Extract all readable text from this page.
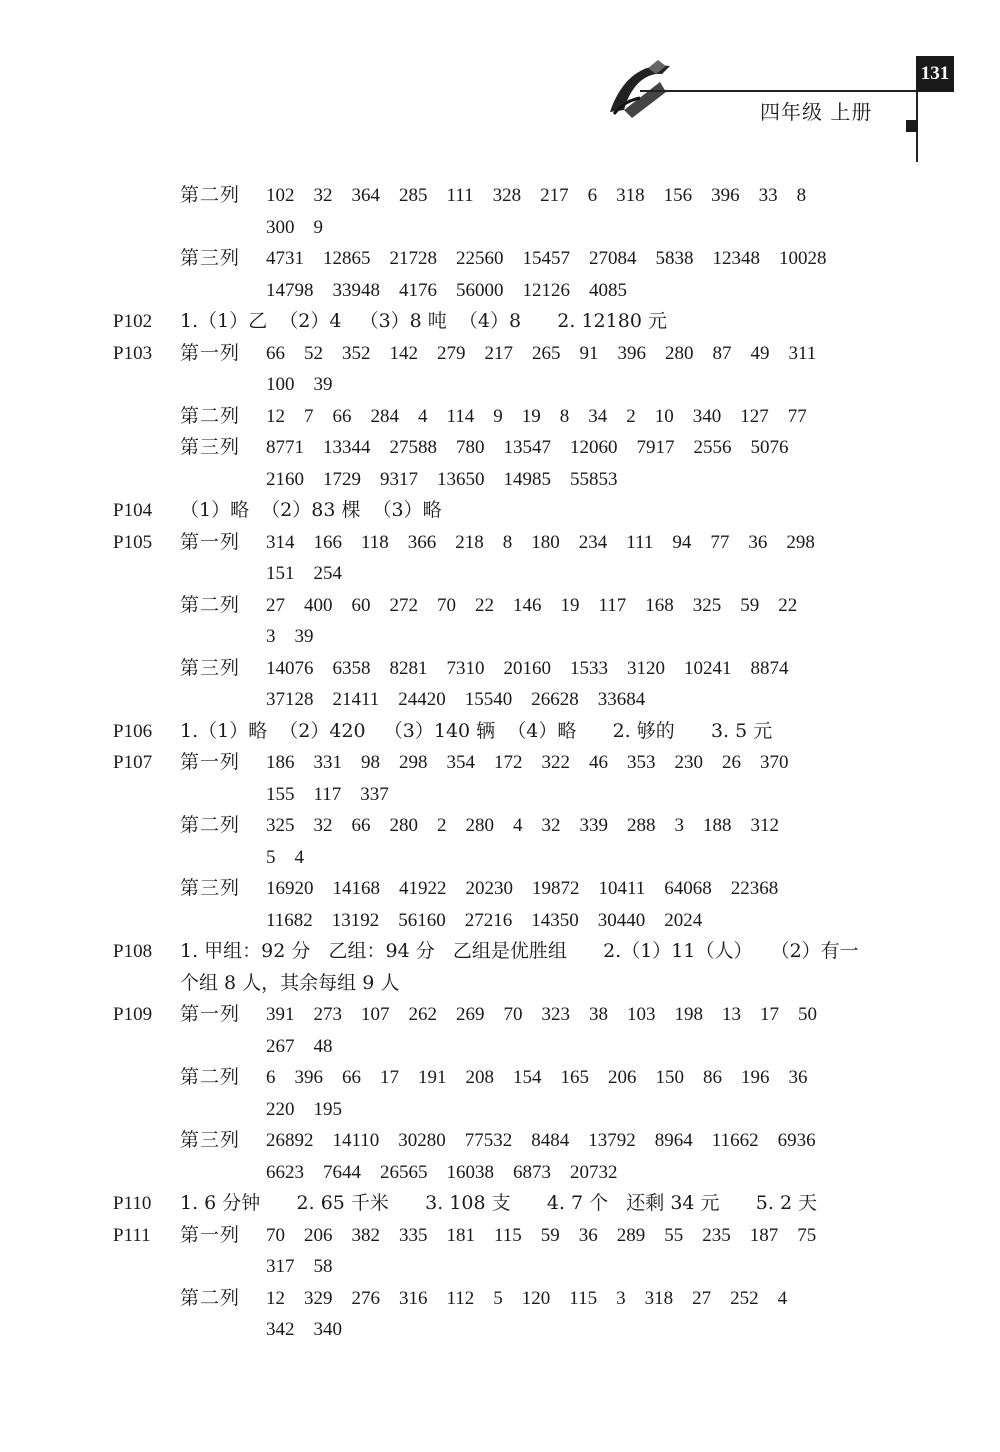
131
四年级 上册
第二列	102    32    364    285    111    328    217    6    318    156    396    33    8
300    9
第三列	4731    12865    21728    22560    15457    27084    5838    12348    10028
14798    33948    4176    56000    12126    4085
P102 1.（1）乙  （2）4   （3）8 吨  （4）8      2. 12180 元
P103 第一列	66    52    352    142    279    217    265    91    396    280    87    49    311
100    39
第二列	12    7    66    284    4    114    9    19    8    34    2    10    340    127    77
第三列	8771    13344    27588    780    13547    12060    7917    2556    5076
2160    1729    9317    13650    14985    55853
P104 （1）略  （2）83 棵  （3）略
P105 第一列	314    166    118    366    218    8    180    234    111    94    77    36    298
151    254
第二列	27    400    60    272    70    22    146    19    117    168    325    59    22
3    39
第三列	14076    6358    8281    7310    20160    1533    3120    10241    8874
37128    21411    24420    15540    26628    33684
P106 1.（1）略  （2）420   （3）140 辆  （4）略      2. 够的      3. 5 元
P107 第一列	186    331    98    298    354    172    322    46    353    230    26    370
155    117    337
第二列	325    32    66    280    2    280    4    32    339    288    3    188    312
5    4
第三列	16920    14168    41922    20230    19872    10411    64068    22368
11682    13192    56160    27216    14350    30440    2024
P108 1. 甲组：92 分   乙组：94 分   乙组是优胜组      2.（1）11（人）   （2）有一
个组 8 人，其余每组 9 人
P109 第一列	391    273    107    262    269    70    323    38    103    198    13    17    50
267    48
第二列	6    396    66    17    191    208    154    165    206    150    86    196    36
220    195
第三列	26892    14110    30280    77532    8484    13792    8964    11662    6936
6623    7644    26565    16038    6873    20732
P110 1. 6 分钟      2. 65 千米      3. 108 支      4. 7 个   还剩 34 元      5. 2 天
P111 第一列	70    206    382    335    181    115    59    36    289    55    235    187    75
317    58
第二列	12    329    276    316    112    5    120    115    3    318    27    252    4
342    340
